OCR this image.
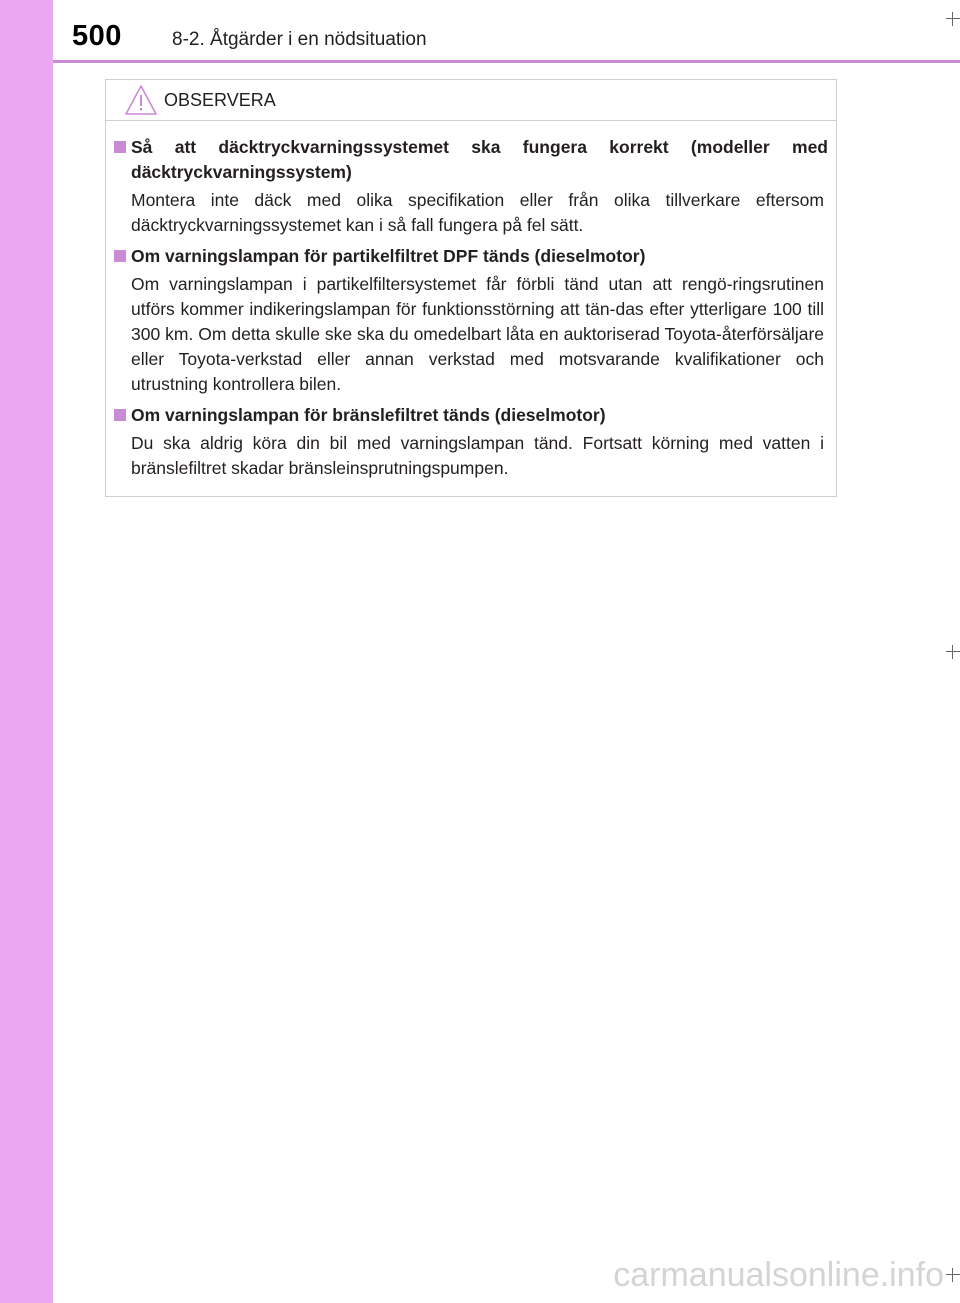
500	8-2. Åtgärder i en nödsituation
OBSERVERA
Så att däcktryckvarningssystemet ska fungera korrekt (modeller med däcktryckvarningssystem)
Montera inte däck med olika specifikation eller från olika tillverkare eftersom däcktryckvarningssystemet kan i så fall fungera på fel sätt.
Om varningslampan för partikelfiltret DPF tänds (dieselmotor)
Om varningslampan i partikelfiltersystemet får förbli tänd utan att rengö-ringsrutinen utförs kommer indikeringslampan för funktionsstörning att tän-das efter ytterligare 100 till 300 km. Om detta skulle ske ska du omedelbart låta en auktoriserad Toyota-återförsäljare eller Toyota-verkstad eller annan verkstad med motsvarande kvalifikationer och utrustning kontrollera bilen.
Om varningslampan för bränslefiltret tänds (dieselmotor)
Du ska aldrig köra din bil med varningslampan tänd. Fortsatt körning med vatten i bränslefiltret skadar bränsleinsprutningspumpen.
carmanualsonline.info
